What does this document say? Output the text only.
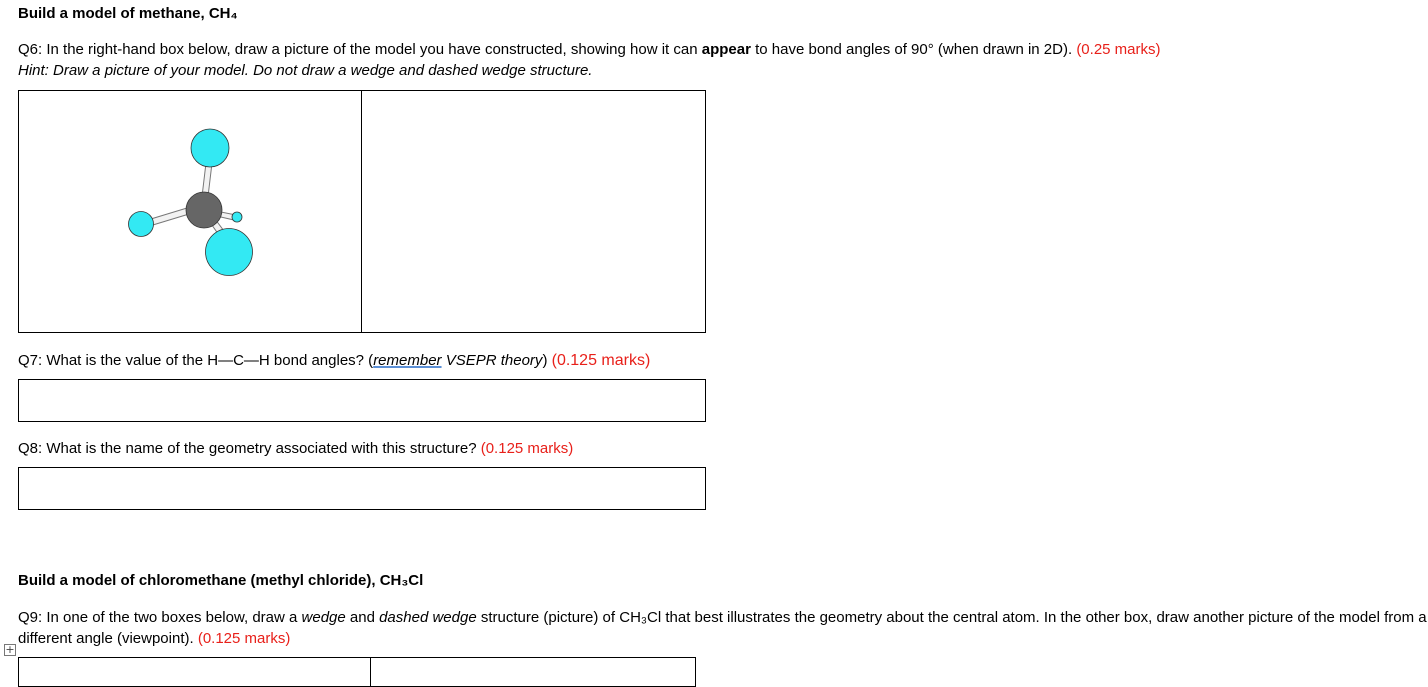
Build a model of methane, CH₄
Q6: In the right-hand box below, draw a picture of the model you have constructed, showing how it can appear to have bond angles of 90° (when drawn in 2D). (0.25 marks)
Hint: Draw a picture of your model. Do not draw a wedge and dashed wedge structure.
Q7: What is the value of the H—C—H bond angles? (remember VSEPR theory) (0.125 marks)
Q8: What is the name of the geometry associated with this structure? (0.125 marks)
Build a model of chloromethane (methyl chloride), CH₃Cl
Q9: In one of the two boxes below, draw a wedge and dashed wedge structure (picture) of CH₃Cl that best illustrates the geometry about the central atom. In the other box, draw another picture of the model from a
different angle (viewpoint). (0.125 marks)
+
